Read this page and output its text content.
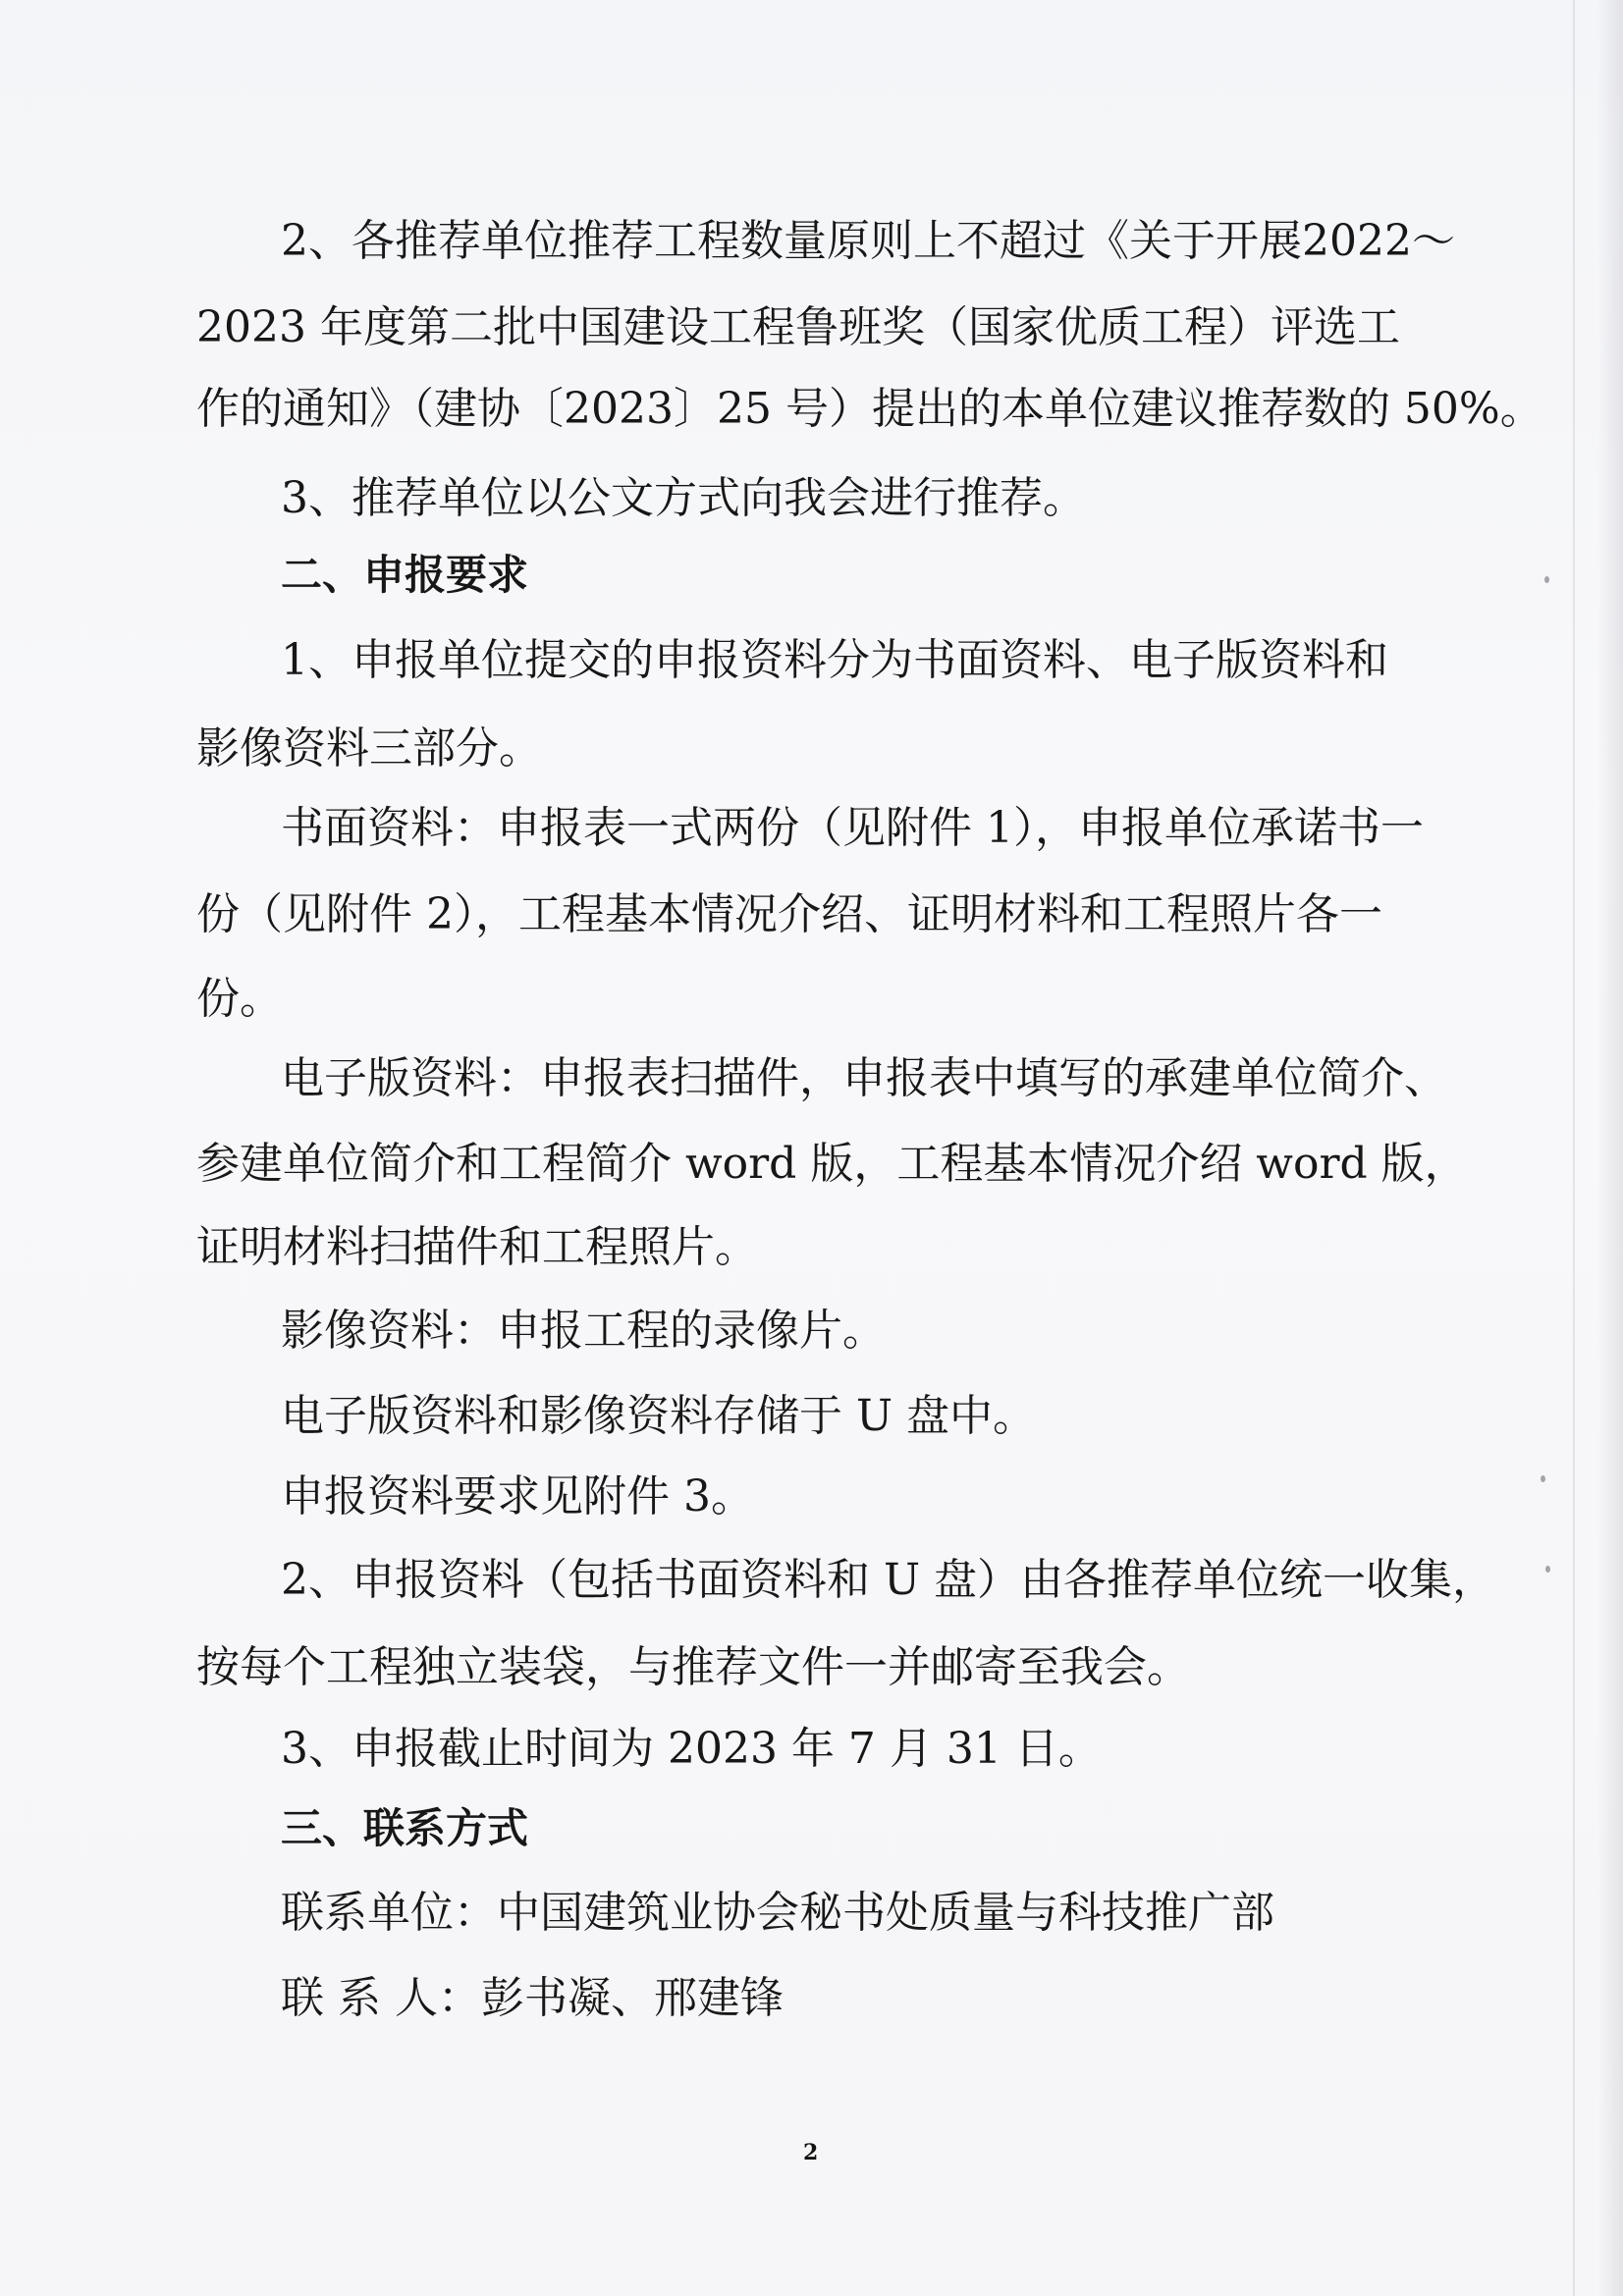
2、各推荐单位推荐工程数量原则上不超过《关于开展2022～

2023 年度第二批中国建设工程鲁班奖（国家优质工程）评选工

作的通知》（建协〔2023〕25 号）提出的本单位建议推荐数的 50%。

3、推荐单位以公文方式向我会进行推荐。

二、申报要求

1、申报单位提交的申报资料分为书面资料、电子版资料和

影像资料三部分。

书面资料：申报表一式两份（见附件 1），申报单位承诺书一

份（见附件 2），工程基本情况介绍、证明材料和工程照片各一

份。

电子版资料：申报表扫描件，申报表中填写的承建单位简介、

参建单位简介和工程简介 word 版，工程基本情况介绍 word 版，

证明材料扫描件和工程照片。

影像资料：申报工程的录像片。

电子版资料和影像资料存储于 U 盘中。

申报资料要求见附件 3。

2、申报资料（包括书面资料和 U 盘）由各推荐单位统一收集，

按每个工程独立装袋，与推荐文件一并邮寄至我会。

3、申报截止时间为 2023 年 7 月 31 日。

三、联系方式

联系单位：中国建筑业协会秘书处质量与科技推广部

联 系 人：彭书凝、邢建锋

2
